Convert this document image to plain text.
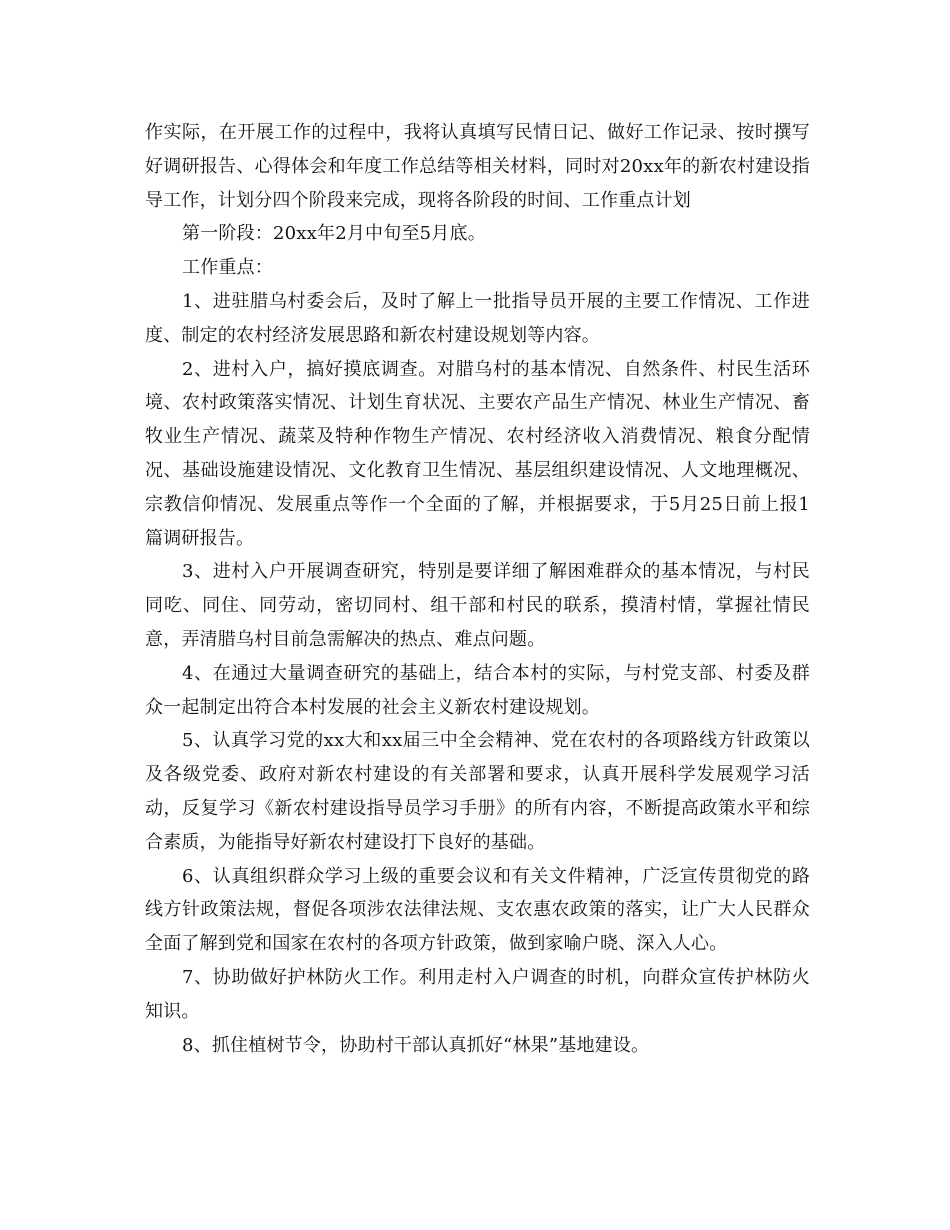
作实际，在开展工作的过程中，我将认真填写民情日记、做好工作记录、按时撰写好调研报告、心得体会和年度工作总结等相关材料，同时对20xx年的新农村建设指导工作，计划分四个阶段来完成，现将各阶段的时间、工作重点计划

第一阶段：20xx年2月中旬至5月底。

工作重点：

1、进驻腊乌村委会后，及时了解上一批指导员开展的主要工作情况、工作进度、制定的农村经济发展思路和新农村建设规划等内容。

2、进村入户，搞好摸底调查。对腊乌村的基本情况、自然条件、村民生活环境、农村政策落实情况、计划生育状况、主要农产品生产情况、林业生产情况、畜牧业生产情况、蔬菜及特种作物生产情况、农村经济收入消费情况、粮食分配情况、基础设施建设情况、文化教育卫生情况、基层组织建设情况、人文地理概况、宗教信仰情况、发展重点等作一个全面的了解，并根据要求，于5月25日前上报1篇调研报告。

3、进村入户开展调查研究，特别是要详细了解困难群众的基本情况，与村民同吃、同住、同劳动，密切同村、组干部和村民的联系，摸清村情，掌握社情民意，弄清腊乌村目前急需解决的热点、难点问题。

4、在通过大量调查研究的基础上，结合本村的实际，与村党支部、村委及群众一起制定出符合本村发展的社会主义新农村建设规划。

5、认真学习党的xx大和xx届三中全会精神、党在农村的各项路线方针政策以及各级党委、政府对新农村建设的有关部署和要求，认真开展科学发展观学习活动，反复学习《新农村建设指导员学习手册》的所有内容，不断提高政策水平和综合素质，为能指导好新农村建设打下良好的基础。

6、认真组织群众学习上级的重要会议和有关文件精神，广泛宣传贯彻党的路线方针政策法规，督促各项涉农法律法规、支农惠农政策的落实，让广大人民群众全面了解到党和国家在农村的各项方针政策，做到家喻户晓、深入人心。

7、协助做好护林防火工作。利用走村入户调查的时机，向群众宣传护林防火知识。

8、抓住植树节令，协助村干部认真抓好“林果”基地建设。
